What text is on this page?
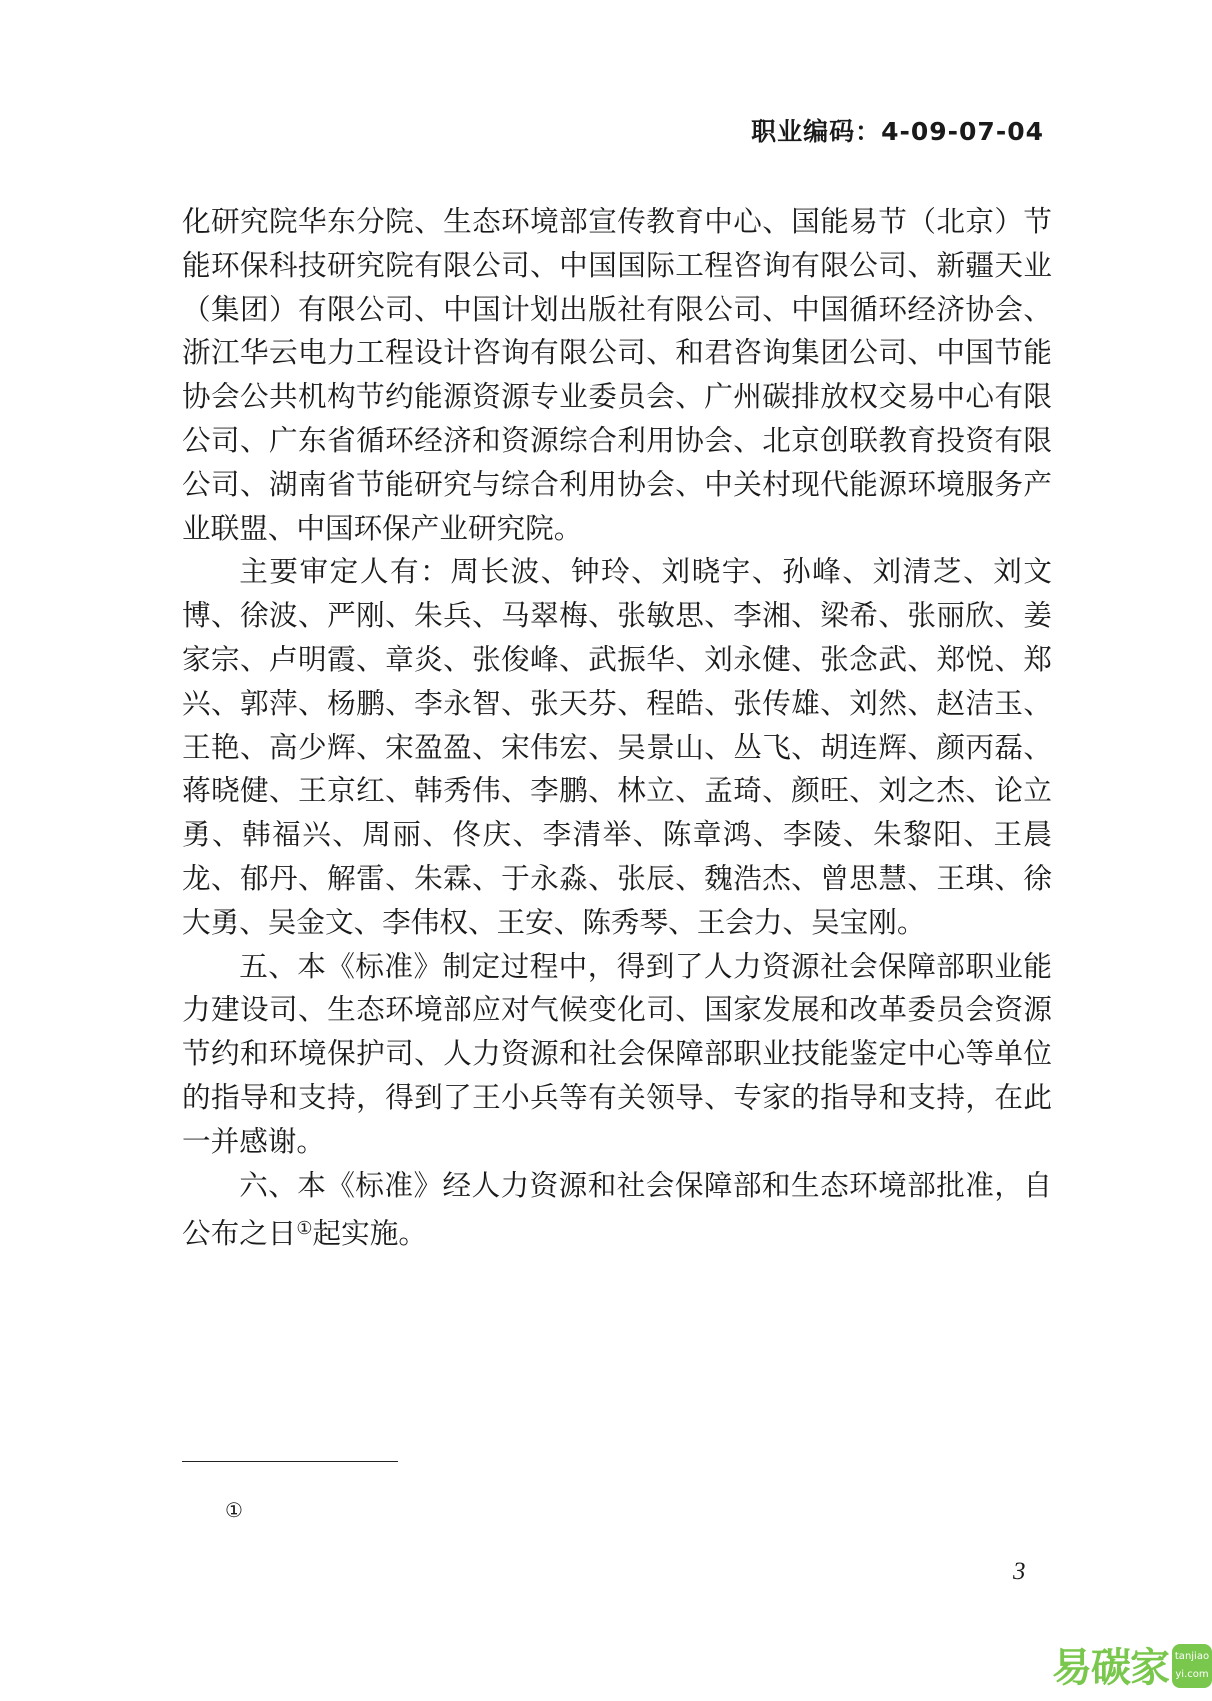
职业编码：4-09-07-04

化研究院华东分院、生态环境部宣传教育中心、国能易节（北京）节能环保科技研究院有限公司、中国国际工程咨询有限公司、新疆天业（集团）有限公司、中国计划出版社有限公司、中国循环经济协会、浙江华云电力工程设计咨询有限公司、和君咨询集团公司、中国节能协会公共机构节约能源资源专业委员会、广州碳排放权交易中心有限公司、广东省循环经济和资源综合利用协会、北京创联教育投资有限公司、湖南省节能研究与综合利用协会、中关村现代能源环境服务产业联盟、中国环保产业研究院。

主要审定人有：周长波、钟玲、刘晓宇、孙峰、刘清芝、刘文博、徐波、严刚、朱兵、马翠梅、张敏思、李湘、梁希、张丽欣、姜家宗、卢明霞、章炎、张俊峰、武振华、刘永健、张念武、郑悦、郑兴、郭萍、杨鹏、李永智、张天芬、程皓、张传雄、刘然、赵洁玉、王艳、高少辉、宋盈盈、宋伟宏、吴景山、丛飞、胡连辉、颜丙磊、蒋晓健、王京红、韩秀伟、李鹏、林立、孟琦、颜旺、刘之杰、论立勇、韩福兴、周丽、佟庆、李清举、陈章鸿、李陵、朱黎阳、王晨龙、郁丹、解雷、朱霖、于永淼、张辰、魏浩杰、曾思慧、王琪、徐大勇、吴金文、李伟权、王安、陈秀琴、王会力、吴宝刚。

五、本《标准》制定过程中，得到了人力资源社会保障部职业能力建设司、生态环境部应对气候变化司、国家发展和改革委员会资源节约和环境保护司、人力资源和社会保障部职业技能鉴定中心等单位的指导和支持，得到了王小兵等有关领导、专家的指导和支持，在此一并感谢。

六、本《标准》经人力资源和社会保障部和生态环境部批准，自公布之日①起实施。

①
3
易碳家 tanjiaoyi.com
